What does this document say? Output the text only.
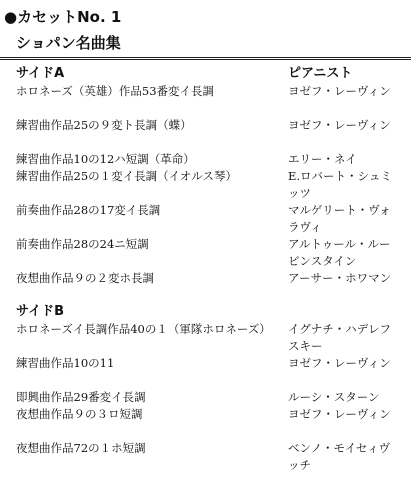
●カセットNo. 1
ショパン名曲集
サイドA	ピアニスト
ホロネーズ（英雄）作品53番変イ長調	ヨゼフ・レーヴィン
練習曲作品25の９変ト長調（蝶）	ヨゼフ・レーヴィン
練習曲作品10の12ハ短調（革命）	エリー・ネイ
練習曲作品25の１変イ長調（イオルス琴）	E.ロバート・シュミッツ
前奏曲作品28の17変イ長調	マルゲリート・ヴォラヴィ
前奏曲作品28の24ニ短調	アルトゥール・ルービンスタイン
夜想曲作品９の２変ホ長調	アーサー・ホワマン
サイドB
ホロネーズイ長調作品40の１（軍隊ホロネーズ）	イグナチ・ハデレフスキー
練習曲作品10の11	ヨゼフ・レーヴィン
即興曲作品29番変イ長調	ルーシ・スターン
夜想曲作品９の３ロ短調	ヨゼフ・レーヴィン
夜想曲作品72の１ホ短調	ベンノ・モイセィヴッチ
